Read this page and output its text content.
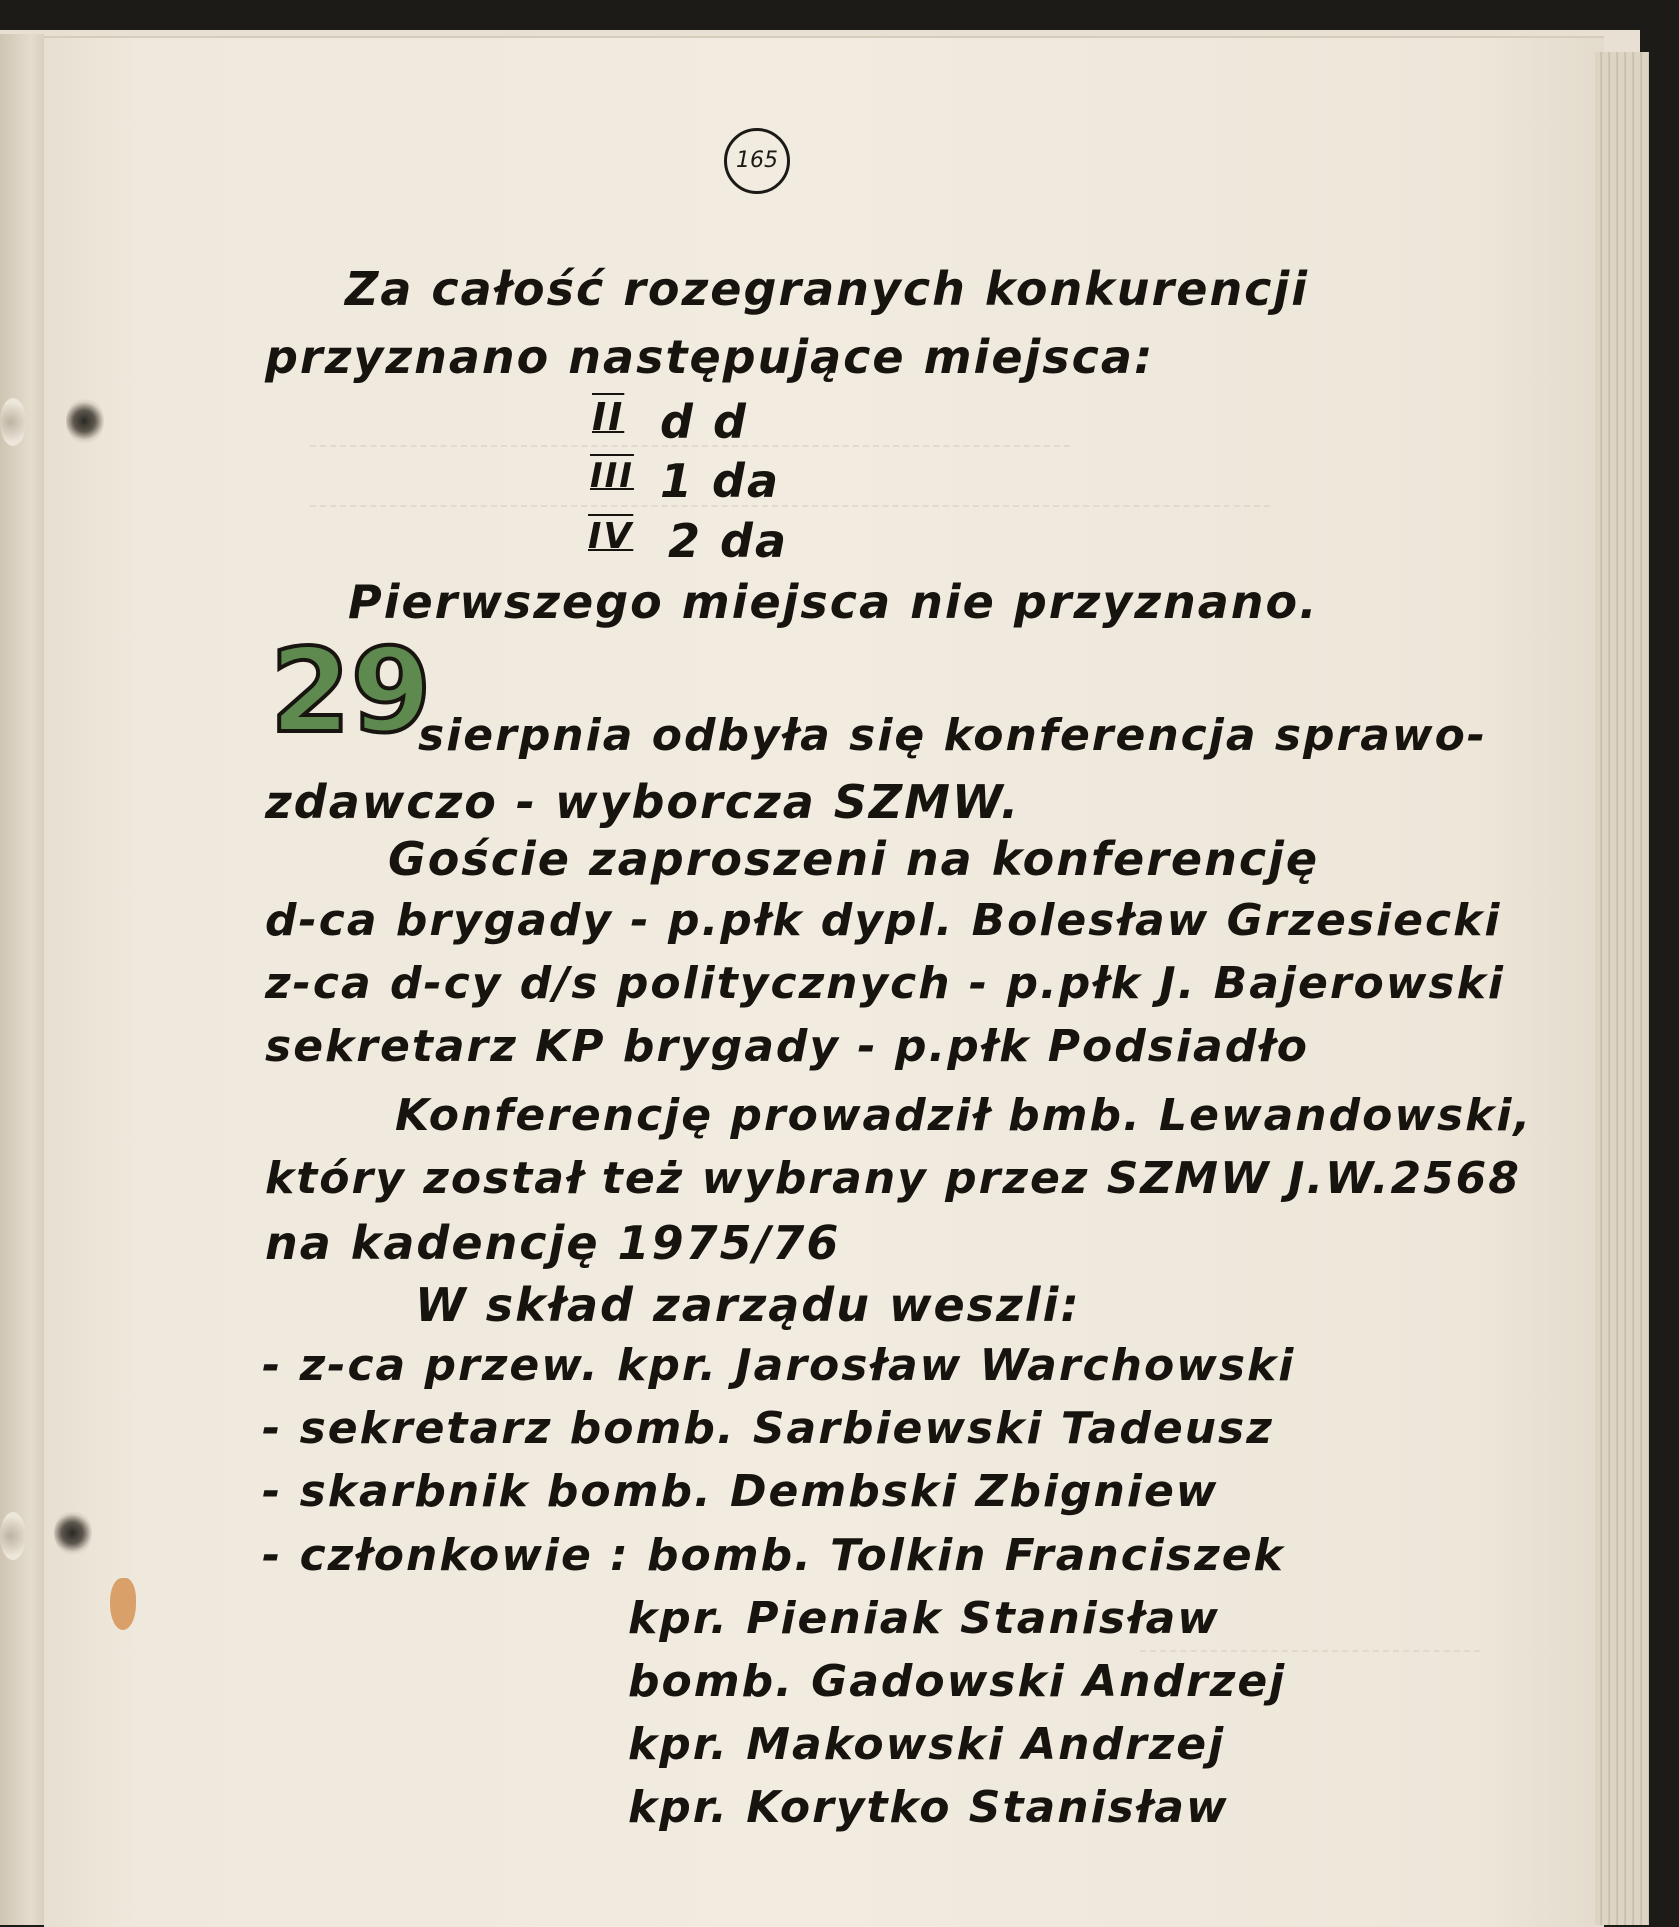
165
Za całość rozegranych konkurencji
przyznano następujące miejsca:
II d d
III 1 da
IV 2 da
Pierwszego miejsca nie przyznano.
29
sierpnia odbyła się konferencja sprawo-
zdawczo - wyborcza SZMW.
Goście zaproszeni na konferencję
d-ca brygady - p.płk dypl. Bolesław Grzesiecki
z-ca d-cy d/s politycznych - p.płk J. Bajerowski
sekretarz KP brygady - p.płk Podsiadło
Konferencję prowadził bmb. Lewandowski,
który został też wybrany przez SZMW J.W.2568
na kadencję 1975/76
W skład zarządu weszli:
- z-ca przew. kpr. Jarosław Warchowski
- sekretarz bomb. Sarbiewski Tadeusz
- skarbnik bomb. Dembski Zbigniew
- członkowie : bomb. Tolkin Franciszek
kpr. Pieniak Stanisław
bomb. Gadowski Andrzej
kpr. Makowski Andrzej
kpr. Korytko Stanisław
